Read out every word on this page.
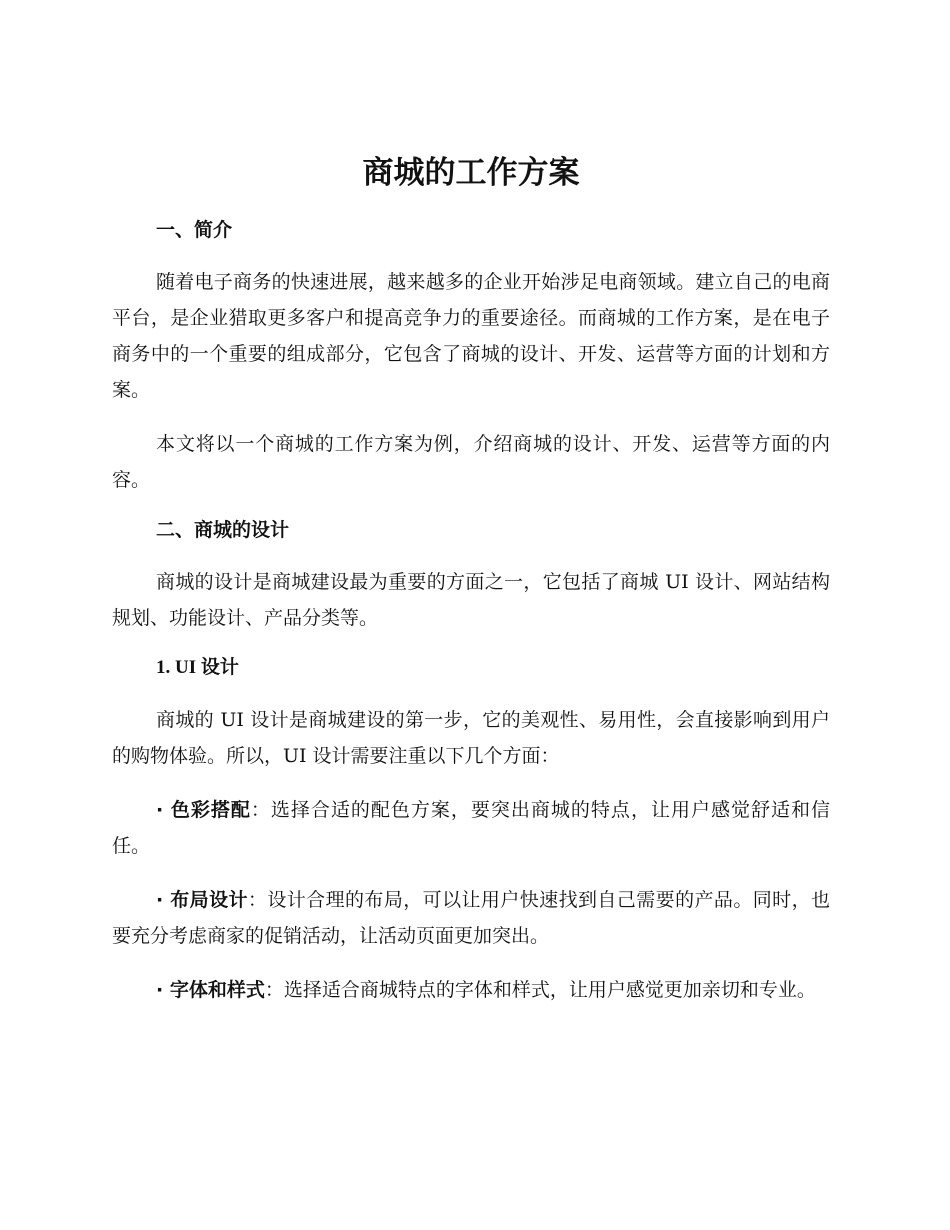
商城的工作方案
一、简介

随着电子商务的快速进展，越来越多的企业开始涉足电商领域。建立自己的电商平台，是企业猎取更多客户和提高竞争力的重要途径。而商城的工作方案，是在电子商务中的一个重要的组成部分，它包含了商城的设计、开发、运营等方面的计划和方案。

本文将以一个商城的工作方案为例，介绍商城的设计、开发、运营等方面的内容。

二、商城的设计

商城的设计是商城建设最为重要的方面之一，它包括了商城 UI 设计、网站结构规划、功能设计、产品分类等。

1. UI 设计

商城的 UI 设计是商城建设的第一步，它的美观性、易用性，会直接影响到用户的购物体验。所以，UI 设计需要注重以下几个方面：

· 色彩搭配：选择合适的配色方案，要突出商城的特点，让用户感觉舒适和信任。

· 布局设计：设计合理的布局，可以让用户快速找到自己需要的产品。同时，也要充分考虑商家的促销活动，让活动页面更加突出。

· 字体和样式：选择适合商城特点的字体和样式，让用户感觉更加亲切和专业。
